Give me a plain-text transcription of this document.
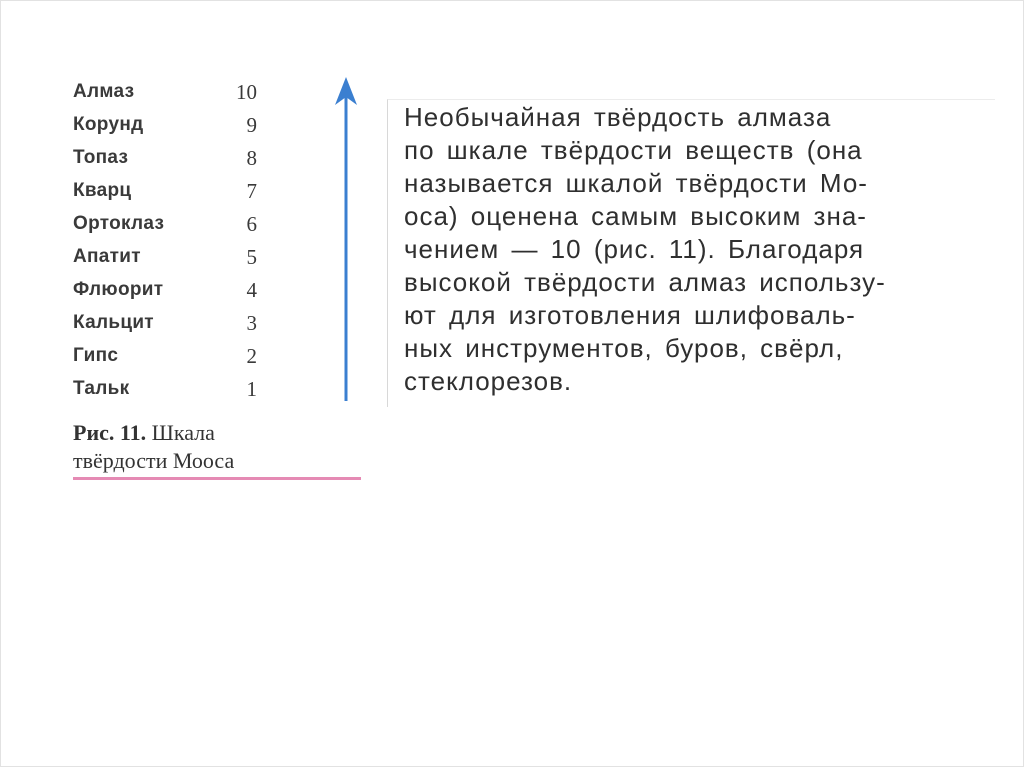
Алмаз	10
Корунд	9
Топаз	8
Кварц	7
Ортоклаз	6
Апатит	5
Флюорит	4
Кальцит	3
Гипс	2
Тальк	1
Рис. 11. Шкала
твёрдости Мооса
Необычайная твёрдость алмаза
по шкале твёрдости веществ (она
называется шкалой твёрдости Мо-
оса) оценена самым высоким зна-
чением — 10 (рис. 11). Благодаря
высокой твёрдости алмаз использу-
ют для изготовления шлифоваль-
ных инструментов, буров, свёрл,
стеклорезов.
